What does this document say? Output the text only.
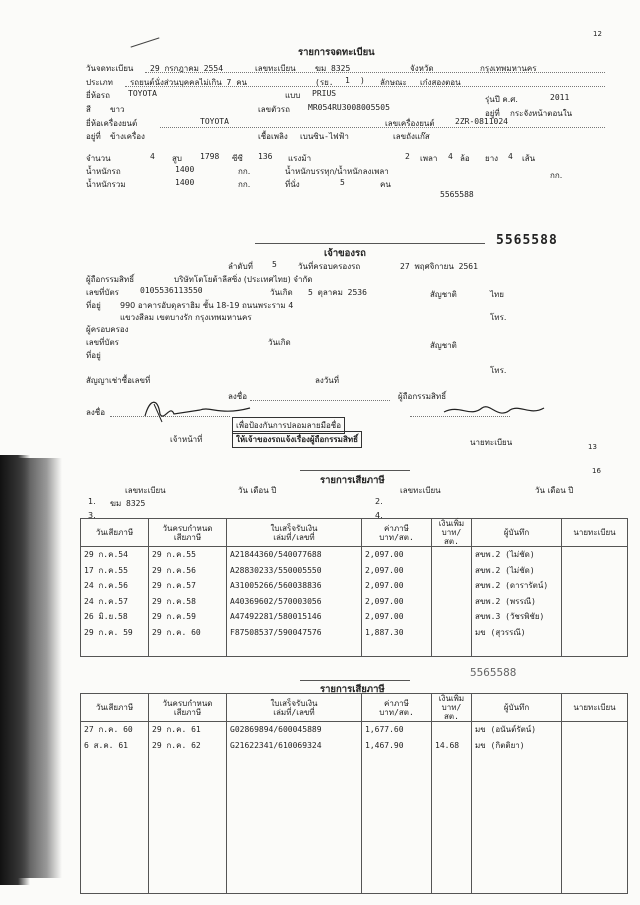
12
รายการจดทะเบียน
วันจดทะเบียน 29 กรกฎาคม 2554	เลขทะเบียน ฆม 8325	จังหวัด	กรุงเทพมหานคร
ประเภท รถยนต์นั่งส่วนบุคคลไม่เกิน 7 คน	(รย. 1 ) ลักษณะ เก๋งสองตอน
ยี่ห้อรถ TOYOTA	แบบ PRIUS
รุ่นปี ค.ศ.	2011
สี ขาว	เลขตัวรถ MR054RU3008005505
อยู่ที่ กระจังหน้าตอนใน
ยี่ห้อเครื่องยนต์	TOYOTA	เลขเครื่องยนต์	2ZR-0811024
อยู่ที่ ข้างเครื่อง	เชื้อเพลิง เบนซิน-ไฟฟ้า	เลขถังแก๊ส
จำนวน	4 สูบ 1798 ซีซี 136 แรงม้า	2 เพลา 4 ล้อ ยาง 4 เส้น
น้ำหนักรถ	1400	กก.	น้ำหนักบรรทุก/น้ำหนักลงเพลา	กก.
น้ำหนักรวม	1400	กก.	ที่นั่ง	5	คน
5565588
5565588
เจ้าของรถ
ลำดับที่ 5	วันที่ครอบครองรถ	27 พฤศจิกายน 2561
ผู้ถือกรรมสิทธิ์	บริษัทโตโยต้าลีสซิ่ง (ประเทศไทย) จำกัด
เลขที่บัตร	0105536113550	วันเกิด 5 ตุลาคม 2536	สัญชาติ	ไทย
ที่อยู่ 990 อาคารอับดุลราฮิม ชั้น 18-19 ถนนพระราม 4
แขวงสีลม เขตบางรัก กรุงเทพมหานคร	โทร.
ผู้ครอบครอง
เลขที่บัตร	วันเกิด	สัญชาติ
ที่อยู่
โทร.
สัญญาเช่าซื้อเลขที่	ลงวันที่
ลงชื่อ	ผู้ถือกรรมสิทธิ์
ลงชื่อ
เพื่อป้องกันการปลอมลายมือชื่อ
ให้เจ้าของรถแจ้งเรื่องผู้ถือกรรมสิทธิ์
เจ้าหน้าที่	นายทะเบียน	13
16
รายการเสียภาษี
เลขทะเบียน	วัน เดือน ปี	เลขทะเบียน	วัน เดือน ปี
1. ฆม 8325	2.
3.	4.
วันเสียภาษี	วันครบกำหนด
เสียภาษี	ใบเสร็จรับเงิน
เล่มที่/เลขที่	ค่าภาษี
บาท/สต.	เงินเพิ่ม
บาท/สต.	ผู้บันทึก	นายทะเบียน
29 ก.ค.54	29 ก.ค.55	A21844360/540077688	2,097.00		สขพ.2 (ไม่ชัด)	
17 ก.ค.55	29 ก.ค.56	A28830233/550005550	2,097.00		สขพ.2 (ไม่ชัด)	
24 ก.ค.56	29 ก.ค.57	A31005266/560038836	2,097.00		สขพ.2 (ดารารัตน์)	
24 ก.ค.57	29 ก.ค.58	A40369602/570003056	2,097.00		สขพ.2 (พรรณี)	
26 มิ.ย.58	29 ก.ค.59	A47492281/580015146	2,097.00		สขพ.3 (วัชรพิชัย)	
29 ก.ค. 59	29 ก.ค. 60	F87508537/590047576	1,887.30		มข (สุวรรณี)	

5565588
รายการเสียภาษี
วันเสียภาษี	วันครบกำหนด
เสียภาษี	ใบเสร็จรับเงิน
เล่มที่/เลขที่	ค่าภาษี
บาท/สต.	เงินเพิ่ม
บาท/สต.	ผู้บันทึก	นายทะเบียน
27 ก.ค. 60	29 ก.ค. 61	G02869894/600045889	1,677.60		มข (อนันต์รัตน์)	
6 ส.ค. 61	29 ก.ค. 62	G21622341/610069324	1,467.90	14.68	มข (กิตติยา)	
